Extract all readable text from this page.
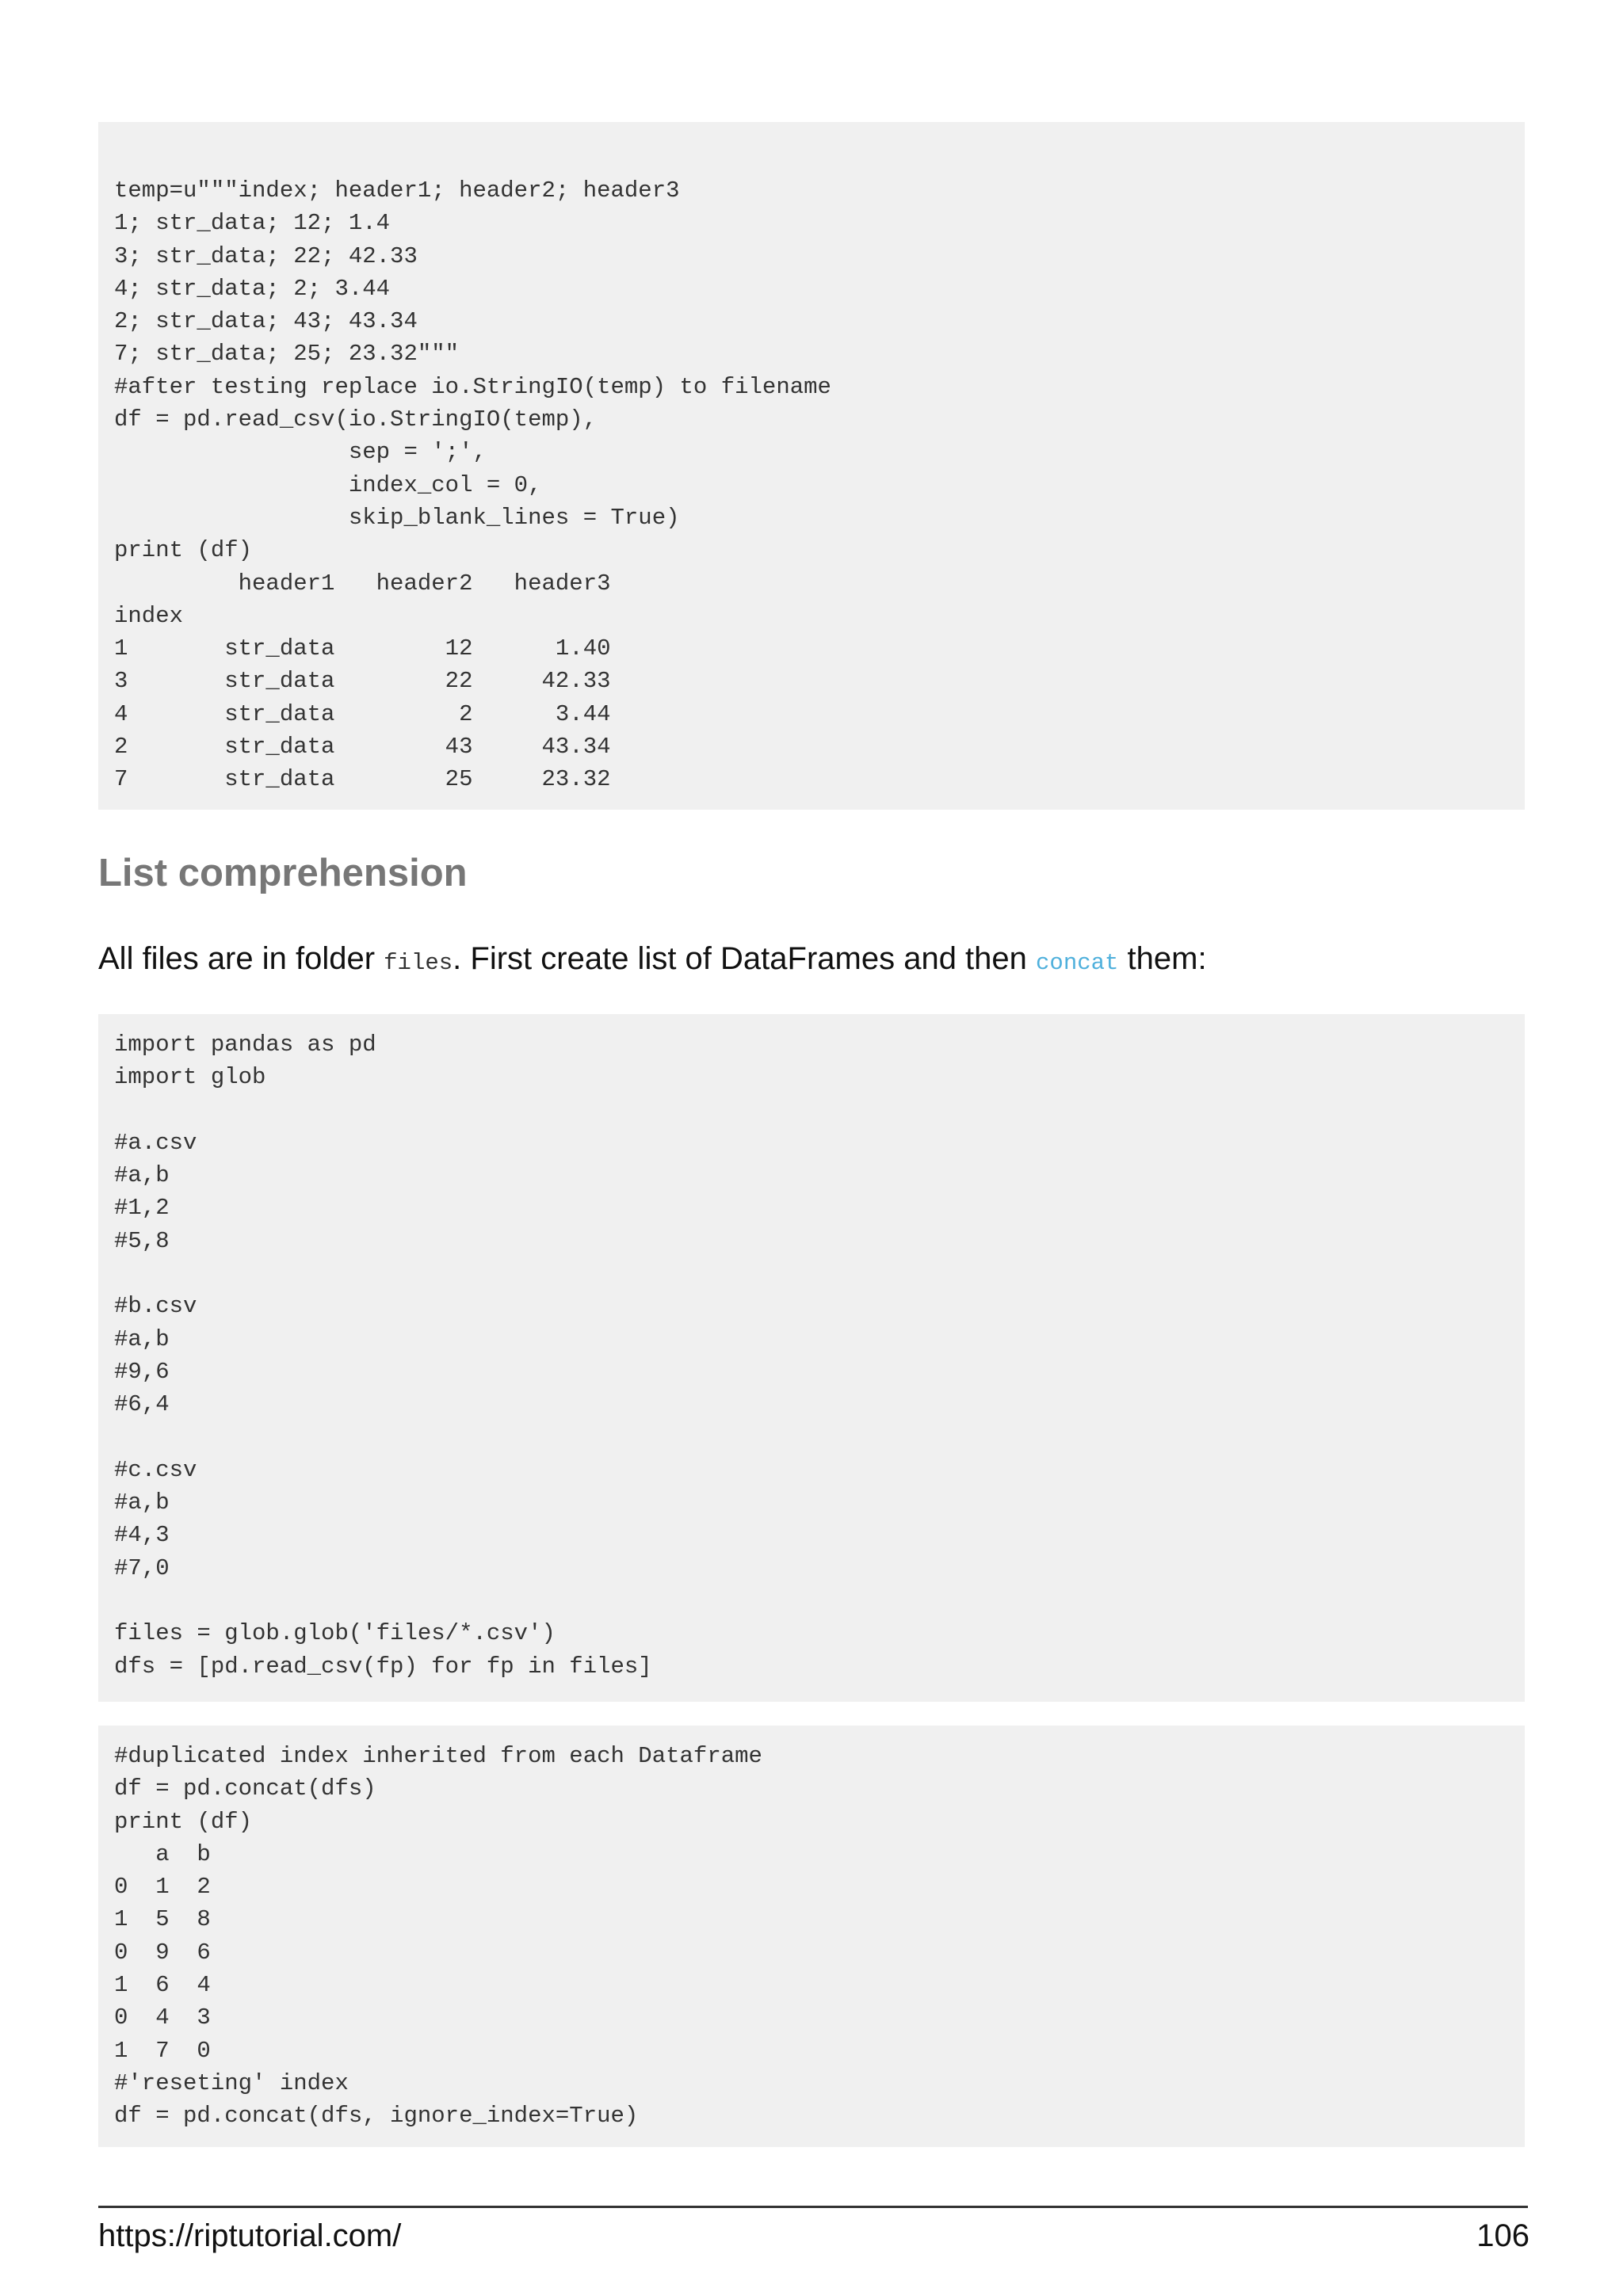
temp=u"""index; header1; header2; header3
1; str_data; 12; 1.4
3; str_data; 22; 42.33
4; str_data; 2; 3.44
2; str_data; 43; 43.34
7; str_data; 25; 23.32"""
#after testing replace io.StringIO(temp) to filename
df = pd.read_csv(io.StringIO(temp),
sep = ';',
index_col = 0,
skip_blank_lines = True)
print (df)
header1   header2   header3
index
1       str_data        12      1.40
3       str_data        22     42.33
4       str_data         2      3.44
2       str_data        43     43.34
7       str_data        25     23.32
List comprehension

All files are in folder files. First create list of DataFrames and then concat them:

import pandas as pd
import glob

#a.csv
#a,b
#1,2
#5,8

#b.csv
#a,b
#9,6
#6,4

#c.csv
#a,b
#4,3
#7,0

files = glob.glob('files/*.csv')
dfs = [pd.read_csv(fp) for fp in files]
#duplicated index inherited from each Dataframe
df = pd.concat(dfs)
print (df)
a  b
0  1  2
1  5  8
0  9  6
1  6  4
0  4  3
1  7  0
#'reseting' index
df = pd.concat(dfs, ignore_index=True)
https://riptutorial.com/	106
